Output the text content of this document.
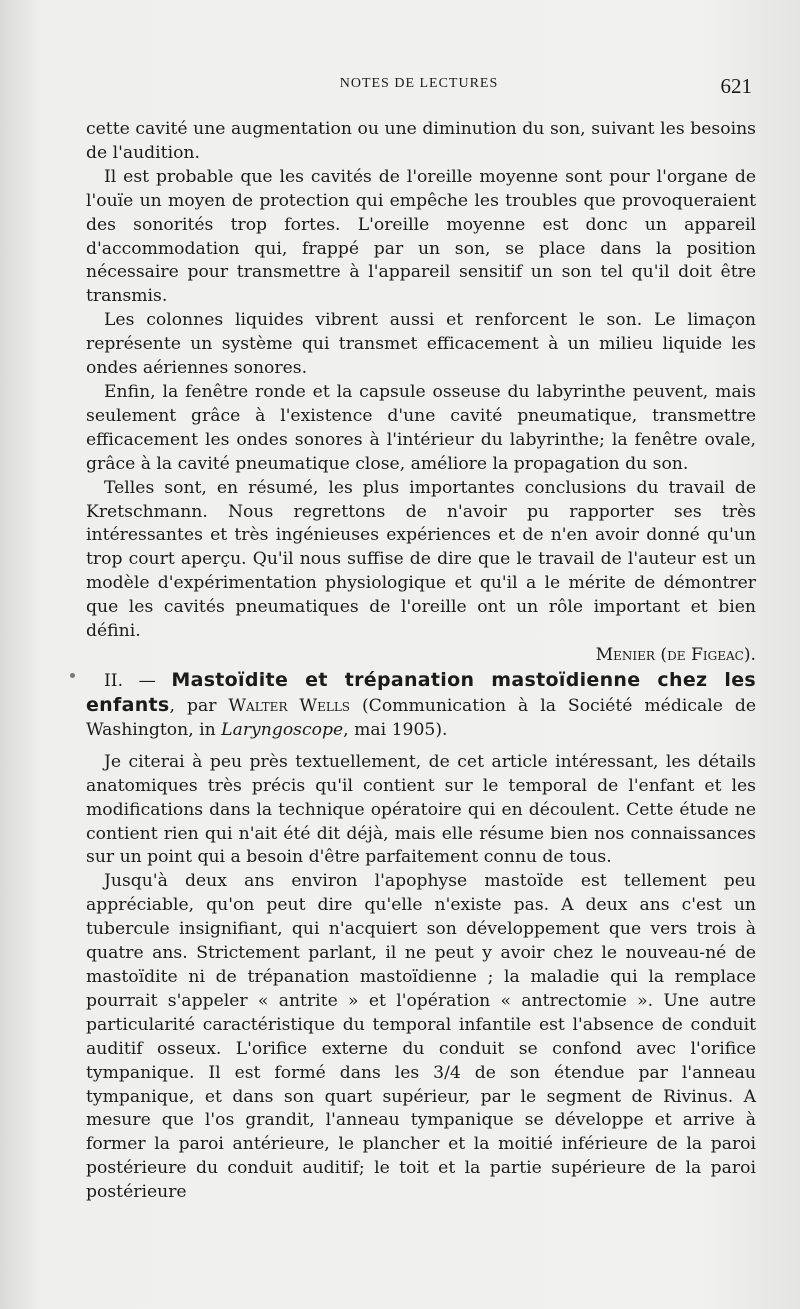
NOTES DE LECTURES	621

cette cavité une augmentation ou une diminution du son, suivant les besoins de l'audition.

Il est probable que les cavités de l'oreille moyenne sont pour l'organe de l'ouïe un moyen de protection qui empêche les troubles que provoqueraient des sonorités trop fortes. L'oreille moyenne est donc un appareil d'accommodation qui, frappé par un son, se place dans la position nécessaire pour transmettre à l'appareil sensitif un son tel qu'il doit être transmis.

Les colonnes liquides vibrent aussi et renforcent le son. Le limaçon représente un système qui transmet efficacement à un milieu liquide les ondes aériennes sonores.

Enfin, la fenêtre ronde et la capsule osseuse du labyrinthe peuvent, mais seulement grâce à l'existence d'une cavité pneumatique, transmettre efficacement les ondes sonores à l'intérieur du labyrinthe; la fenêtre ovale, grâce à la cavité pneumatique close, améliore la propagation du son.

Telles sont, en résumé, les plus importantes conclusions du travail de Kretschmann. Nous regrettons de n'avoir pu rapporter ses très intéressantes et très ingénieuses expériences et de n'en avoir donné qu'un trop court aperçu. Qu'il nous suffise de dire que le travail de l'auteur est un modèle d'expérimentation physiologique et qu'il a le mérite de démontrer que les cavités pneumatiques de l'oreille ont un rôle important et bien défini.

Menier (de Figeac).

II. — Mastoïdite et trépanation mastoïdienne chez les enfants, par Walter Wells (Communication à la Société médicale de Washington, in Laryngoscope, mai 1905).

Je citerai à peu près textuellement, de cet article intéressant, les détails anatomiques très précis qu'il contient sur le temporal de l'enfant et les modifications dans la technique opératoire qui en découlent. Cette étude ne contient rien qui n'ait été dit déjà, mais elle résume bien nos connaissances sur un point qui a besoin d'être parfaitement connu de tous.

Jusqu'à deux ans environ l'apophyse mastoïde est tellement peu appréciable, qu'on peut dire qu'elle n'existe pas. A deux ans c'est un tubercule insignifiant, qui n'acquiert son développement que vers trois à quatre ans. Strictement parlant, il ne peut y avoir chez le nouveau-né de mastoïdite ni de trépanation mastoïdienne ; la maladie qui la remplace pourrait s'appeler « antrite » et l'opération « antrectomie ». Une autre particularité caractéristique du temporal infantile est l'absence de conduit auditif osseux. L'orifice externe du conduit se confond avec l'orifice tympanique. Il est formé dans les 3/4 de son étendue par l'anneau tympanique, et dans son quart supérieur, par le segment de Rivinus. A mesure que l'os grandit, l'anneau tympanique se développe et arrive à former la paroi antérieure, le plancher et la moitié inférieure de la paroi postérieure du conduit auditif; le toit et la partie supérieure de la paroi postérieure
